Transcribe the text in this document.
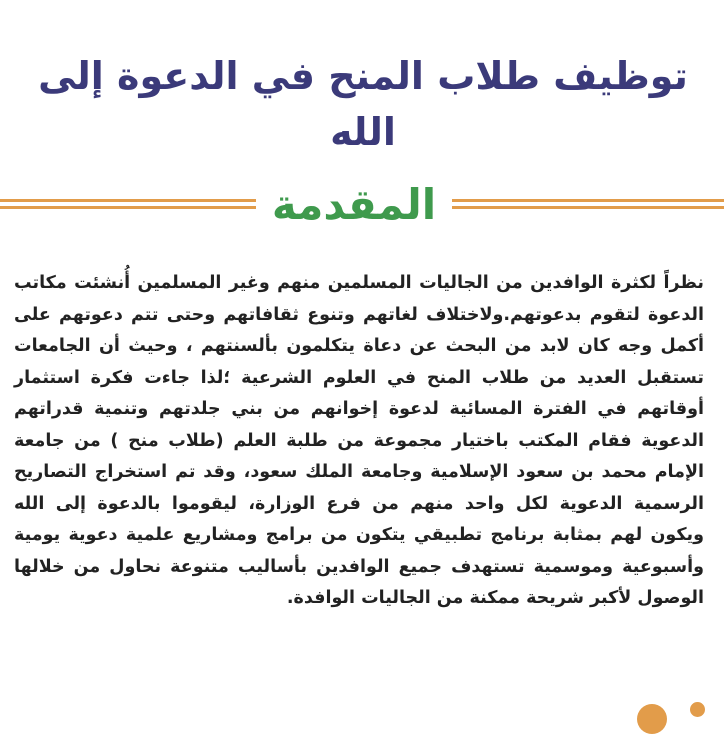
توظيف طلاب المنح في الدعوة إلى الله
المقدمة

نظراً لكثرة الوافدين من الجاليات المسلمين منهم وغير المسلمين أُنشئت مكاتب الدعوة لتقوم بدعوتهم.ولاختلاف لغاتهم وتنوع ثقافاتهم وحتى تتم دعوتهم على أكمل وجه كان لابد من البحث عن دعاة يتكلمون بألسنتهم ، وحيث أن الجامعات تستقبل العديد من طلاب المنح في العلوم الشرعية ؛لذا جاءت فكرة استثمار أوقاتهم في الفترة المسائية لدعوة إخوانهم من بني جلدتهم وتنمية قدراتهم الدعوية فقام المكتب باختيار مجموعة من طلبة العلم (طلاب منح ) من جامعة الإمام محمد بن سعود الإسلامية وجامعة الملك سعود، وقد تم استخراج التصاريح الرسمية الدعوية لكل واحد منهم من فرع الوزارة، ليقوموا بالدعوة إلى الله ويكون لهم بمثابة برنامج تطبيقي يتكون من برامج ومشاريع علمية دعوية يومية وأسبوعية وموسمية تستهدف جميع الوافدين بأساليب متنوعة نحاول من خلالها الوصول لأكبر شريحة ممكنة من الجاليات الوافدة.
